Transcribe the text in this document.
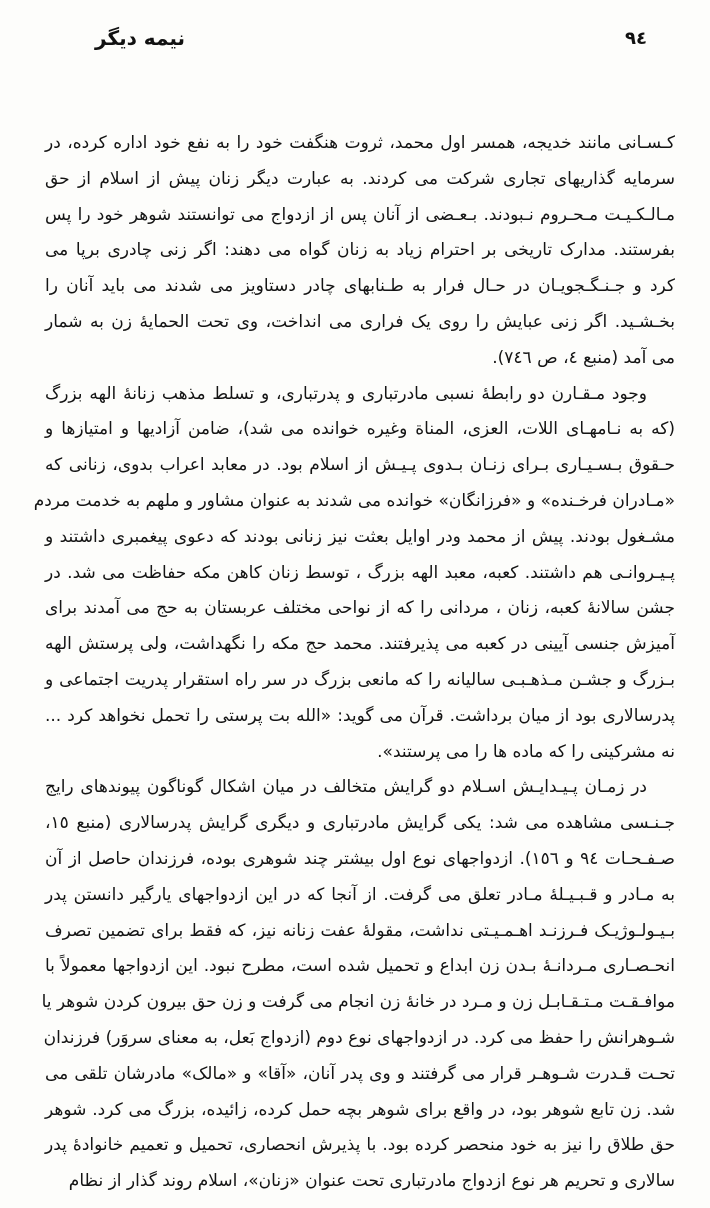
نیمه دیگر	٩٤
کـسـانی مانند خدیجه، همسر اول محمد، ثروت هنگفت خود را به نفع خود اداره کرده، در
سرمایه گذاریهای تجاری شرکت می کردند. به عبارت دیگر زنان پیش از اسلام از حق
مـالـکـیـت مـحـروم نـبودند. بـعـضی از آنان پس از ازدواج می توانستند شوهر خود را پس
بفرستند. مدارک تاریخی بر احترام زیاد به زنان گواه می دهند: اگر زنی چادری برپا می
کرد و جـنـگـجویـان در حـال فرار به طـنابهای چادر دستاویز می شدند می باید آنان را
بخـشـید. اگر زنی عبایش را روی یک فراری می انداخت، وی تحت الحمایهٔ زن به شمار
می آمد (منبع ٤، ص ٧٤٦).
وجود مـقـارن دو رابطهٔ نسبی مادرتباری و پدرتباری، و تسلط مذهب زنانهٔ الهه بزرگ
(که به نـامهـای اللات، العزی، المناة وغیره خوانده می شد)، ضامن آزادیها و امتیازها و
حـقوق بـسـیـاری بـرای زنـان بـدوی پـیـش از اسلام بود. در معابد اعراب بدوی، زنانی که
«مـادران فرخـنده» و «فرزانگان» خوانده می شدند به عنوان مشاور و ملهم به خدمت مردم
مشـغول بودند. پیش از محمد ودر اوایل بعثت نیز زنانی بودند که دعوی پیغمبری داشتند و
پـیـروانـی هم داشتند. کعبه، معبد الهه بزرگ ، توسط زنان کاهن مکه حفاظت می شد. در
جشن سالانهٔ کعبه، زنان ، مردانی را که از نواحی مختلف عربستان به حج می آمدند برای
آمیزش جنسی آیینی در کعبه می پذیرفتند. محمد حج مکه را نگهداشت، ولی پرستش الهه
بـزرگ و جشـن مـذهـبـی سالیانه را که مانعی بزرگ در سر راه استقرار پدریت اجتماعی و
پدرسالاری بود از میان برداشت. قرآن می گوید: «الله بت پرستی را تحمل نخواهد کرد ...
نه مشرکینی را که ماده ها را می پرستند».
در زمـان پـیـدایـش اسـلام دو گرایش متخالف در میان اشکال گوناگون پیوندهای رایج
جـنـسی مشاهده می شد: یکی گرایش مادرتباری و دیگری گرایش پدرسالاری (منبع ١٥،
صـفـحـات ٩٤ و ١٥٦). ازدواجهای نوع اول بیشتر چند شوهری بوده، فرزندان حاصل از آن
به مـادر و قـبـیـلهٔ مـادر تعلق می گرفت. از آنجا که در این ازدواجهای یارگیر دانستن پدر
بـیـولـوژیـک فـرزنـد اهـمـیـتی نداشت، مقولهٔ عفت زنانه نیز، که فقط برای تضمین تصرف
انحـصـاری مـردانـهٔ بـدن زن ابداع و تحمیل شده است، مطرح نبود. این ازدواجها معمولاً با
موافـقـت مـتـقـابـل زن و مـرد در خانهٔ زن انجام می گرفت و زن حق بیرون کردن شوهر یا
شـوهرانش را حفظ می کرد. در ازدواجهای نوع دوم (ازدواج بَعل، به معنای سروَر) فرزندان
تحـت قـدرت شـوهـر قرار می گرفتند و وی پدر آنان، «آقا» و «مالک» مادرشان تلقی می
شد. زن تابع شوهر بود، در واقع برای شوهر بچه حمل کرده، زائیده، بزرگ می کرد. شوهر
حق طلاق را نیز به خود منحصر کرده بود. با پذیرش انحصاری، تحمیل و تعمیم خانوادهٔ پدر
سالاری و تحریم هر نوع ازدواج مادرتباری تحت عنوان «زنان»، اسلام روند گذار از نظام
